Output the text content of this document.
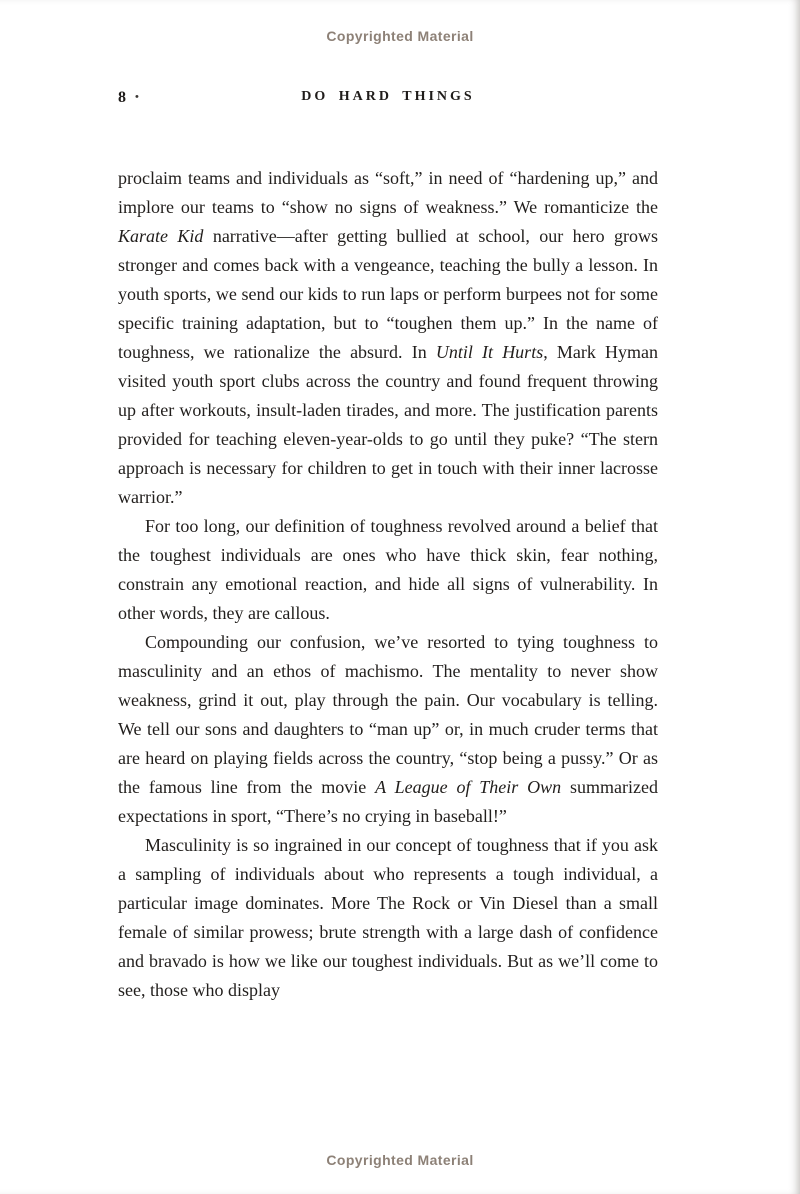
Copyrighted Material
8 •	DO HARD THINGS

proclaim teams and individuals as “soft,” in need of “hardening up,” and implore our teams to “show no signs of weakness.” We romanticize the Karate Kid narrative—after getting bullied at school, our hero grows stronger and comes back with a vengeance, teaching the bully a lesson. In youth sports, we send our kids to run laps or perform burpees not for some specific training adaptation, but to “toughen them up.” In the name of toughness, we rationalize the absurd. In Until It Hurts, Mark Hyman visited youth sport clubs across the country and found frequent throwing up after workouts, insult-laden tirades, and more. The justification parents provided for teaching eleven-year-olds to go until they puke? “The stern approach is necessary for children to get in touch with their inner lacrosse warrior.”

For too long, our definition of toughness revolved around a belief that the toughest individuals are ones who have thick skin, fear nothing, constrain any emotional reaction, and hide all signs of vulnerability. In other words, they are callous.

Compounding our confusion, we’ve resorted to tying toughness to masculinity and an ethos of machismo. The mentality to never show weakness, grind it out, play through the pain. Our vocabulary is telling. We tell our sons and daughters to “man up” or, in much cruder terms that are heard on playing fields across the country, “stop being a pussy.” Or as the famous line from the movie A League of Their Own summarized expectations in sport, “There’s no crying in baseball!”

Masculinity is so ingrained in our concept of toughness that if you ask a sampling of individuals about who represents a tough individual, a particular image dominates. More The Rock or Vin Diesel than a small female of similar prowess; brute strength with a large dash of confidence and bravado is how we like our toughest individuals. But as we’ll come to see, those who display

Copyrighted Material
